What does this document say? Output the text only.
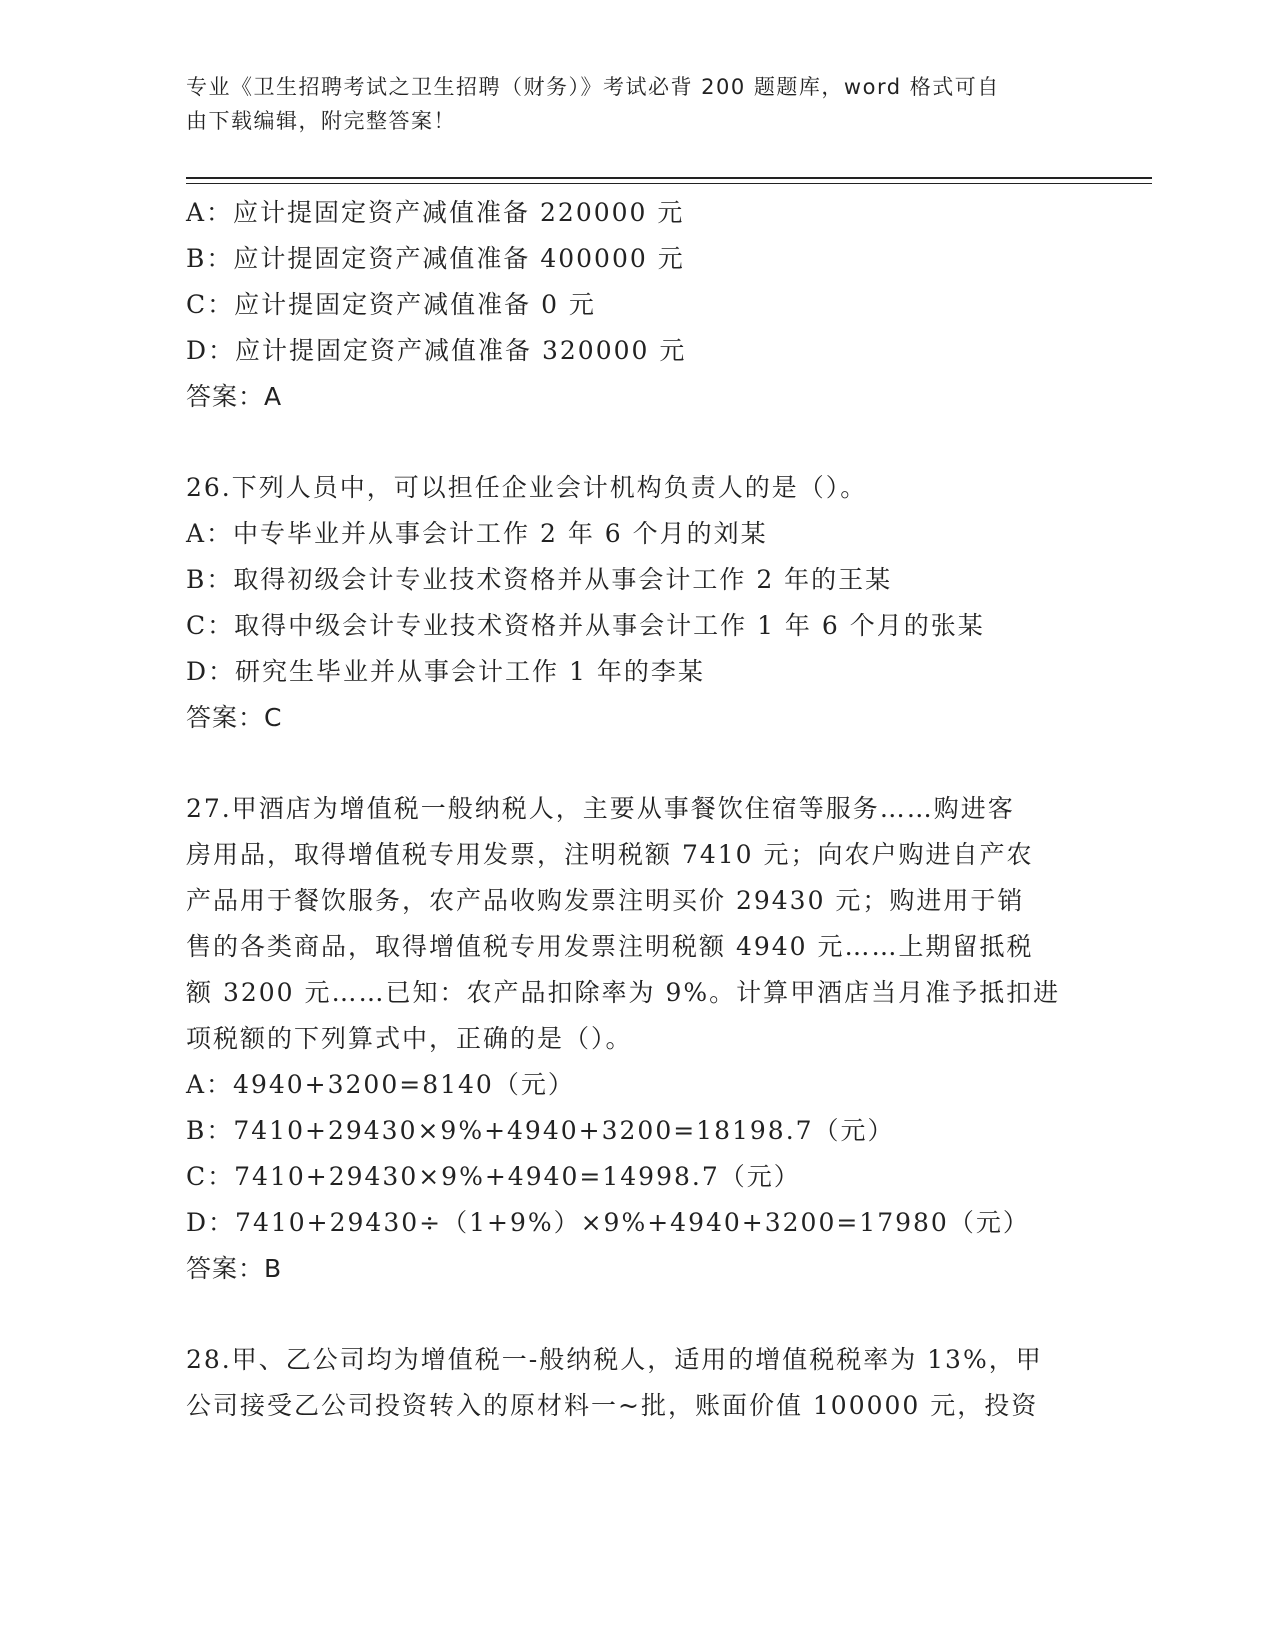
专业《卫生招聘考试之卫生招聘（财务）》考试必背 200 题题库，word 格式可自
由下载编辑，附完整答案！
A：应计提固定资产减值准备 220000 元
B：应计提固定资产减值准备 400000 元
C：应计提固定资产减值准备 0 元
D：应计提固定资产减值准备 320000 元
答案：A
26.下列人员中，可以担任企业会计机构负责人的是（）。
A：中专毕业并从事会计工作 2 年 6 个月的刘某
B：取得初级会计专业技术资格并从事会计工作 2 年的王某
C：取得中级会计专业技术资格并从事会计工作 1 年 6 个月的张某
D：研究生毕业并从事会计工作 1 年的李某
答案：C
27.甲酒店为增值税一般纳税人，主要从事餐饮住宿等服务……购进客
房用品，取得增值税专用发票，注明税额 7410 元；向农户购进自产农
产品用于餐饮服务，农产品收购发票注明买价 29430 元；购进用于销
售的各类商品，取得增值税专用发票注明税额 4940 元……上期留抵税
额 3200 元……已知：农产品扣除率为 9%。计算甲酒店当月准予抵扣进
项税额的下列算式中，正确的是（）。
A：4940+3200=8140（元）
B：7410+29430×9%+4940+3200=18198.7（元）
C：7410+29430×9%+4940=14998.7（元）
D：7410+29430÷（1+9%）×9%+4940+3200=17980（元）
答案：B
28.甲、乙公司均为增值税一-般纳税人，适用的增值税税率为 13%，甲
公司接受乙公司投资转入的原材料一~批，账面价值 100000 元，投资
